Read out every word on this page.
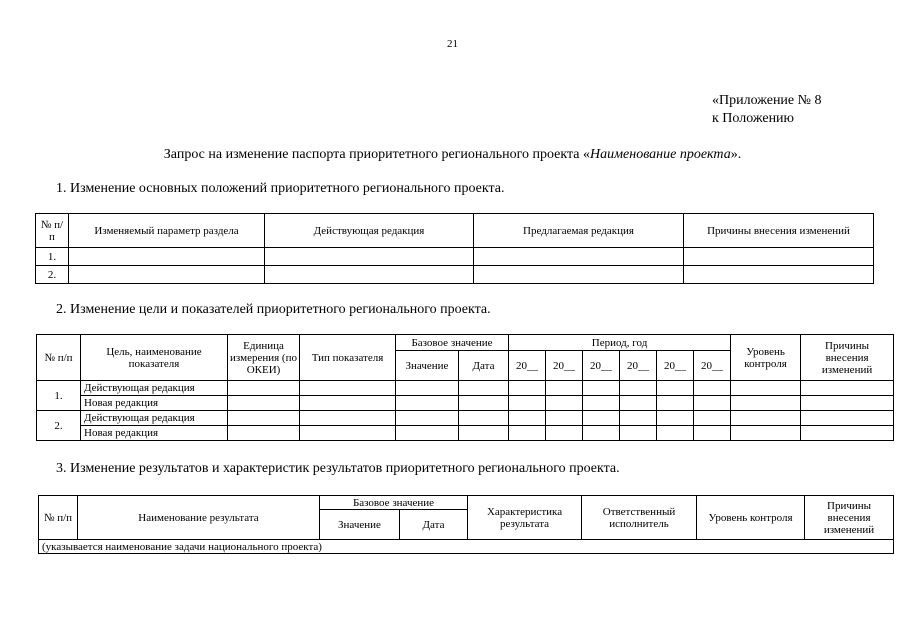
21
«Приложение № 8
к Положению
Запрос на изменение паспорта приоритетного регионального проекта «Наименование проекта».
1. Изменение основных положений приоритетного регионального проекта.
№ п/п	Изменяемый параметр раздела	Действующая редакция	Предлагаемая редакция	Причины внесения изменений
1.				
2.				
2. Изменение цели и показателей приоритетного регионального проекта.
№ п/п	Цель, наименование показателя	Единица измерения (по ОКЕИ)	Тип показателя	Базовое значение		Период, год						Уровень контроля	Причины внесения изменений
				Значение	Дата	20__	20__	20__	20__	20__	20__		
1.	Действующая редакция												
	Новая редакция												
2.	Действующая редакция												
	Новая редакция												
3. Изменение результатов и характеристик результатов приоритетного регионального проекта.
№ п/п	Наименование результата	Базовое значение		Характеристика результата	Ответственный исполнитель	Уровень контроля	Причины внесения изменений
		Значение	Дата				
(указывается наименование задачи национального проекта)							
